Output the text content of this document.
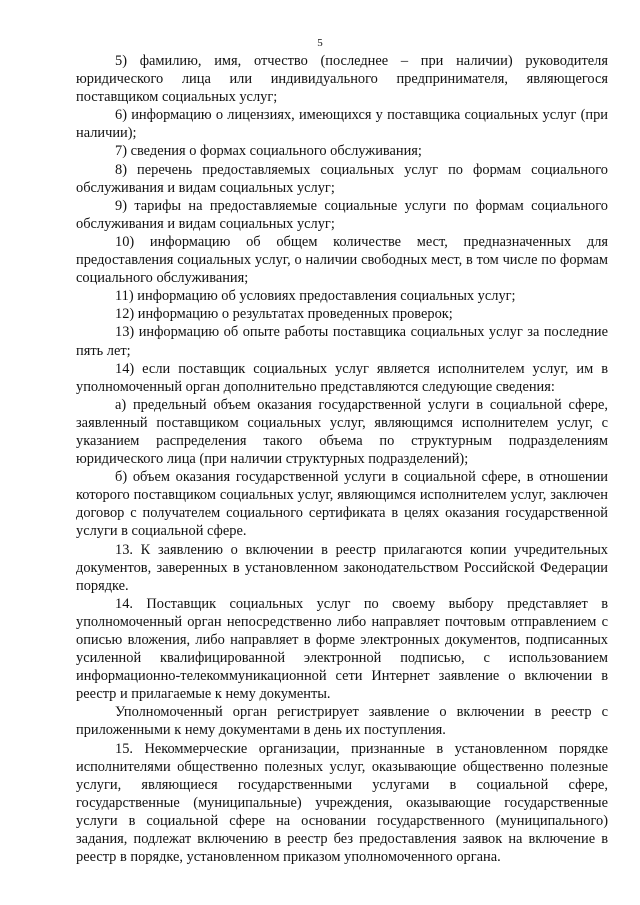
5

5) фамилию, имя, отчество (последнее – при наличии) руководителя юридического лица или индивидуального предпринимателя, являющегося поставщиком социальных услуг;

6) информацию о лицензиях, имеющихся у поставщика социальных услуг (при наличии);

7) сведения о формах социального обслуживания;

8) перечень предоставляемых социальных услуг по формам социального обслуживания и видам социальных услуг;

9) тарифы на предоставляемые социальные услуги по формам социального обслуживания и видам социальных услуг;

10) информацию об общем количестве мест, предназначенных для предоставления социальных услуг, о наличии свободных мест, в том числе по формам социального обслуживания;

11) информацию об условиях предоставления социальных услуг;

12) информацию о результатах проведенных проверок;

13) информацию об опыте работы поставщика социальных услуг за последние пять лет;

14) если поставщик социальных услуг является исполнителем услуг, им в уполномоченный орган дополнительно представляются следующие сведения:

а) предельный объем оказания государственной услуги в социальной сфере, заявленный поставщиком социальных услуг, являющимся исполнителем услуг, с указанием распределения такого объема по структурным подразделениям юридического лица (при наличии структурных подразделений);

б) объем оказания государственной услуги в социальной сфере, в отношении которого поставщиком социальных услуг, являющимся исполнителем услуг, заключен договор с получателем социального сертификата в целях оказания государственной услуги в социальной сфере.

13. К заявлению о включении в реестр прилагаются копии учредительных документов, заверенных в установленном законодательством Российской Федерации порядке.

14. Поставщик социальных услуг по своему выбору представляет в уполномоченный орган непосредственно либо направляет почтовым отправлением с описью вложения, либо направляет в форме электронных документов, подписанных усиленной квалифицированной электронной подписью, с использованием информационно-телекоммуникационной сети Интернет заявление о включении в реестр и прилагаемые к нему документы.

Уполномоченный орган регистрирует заявление о включении в реестр с приложенными к нему документами в день их поступления.

15. Некоммерческие организации, признанные в установленном порядке исполнителями общественно полезных услуг, оказывающие общественно полезные услуги, являющиеся государственными услугами в социальной сфере, государственные (муниципальные) учреждения, оказывающие государственные услуги в социальной сфере на основании государственного (муниципального) задания, подлежат включению в реестр без предоставления заявок на включение в реестр в порядке, установленном приказом уполномоченного органа.
